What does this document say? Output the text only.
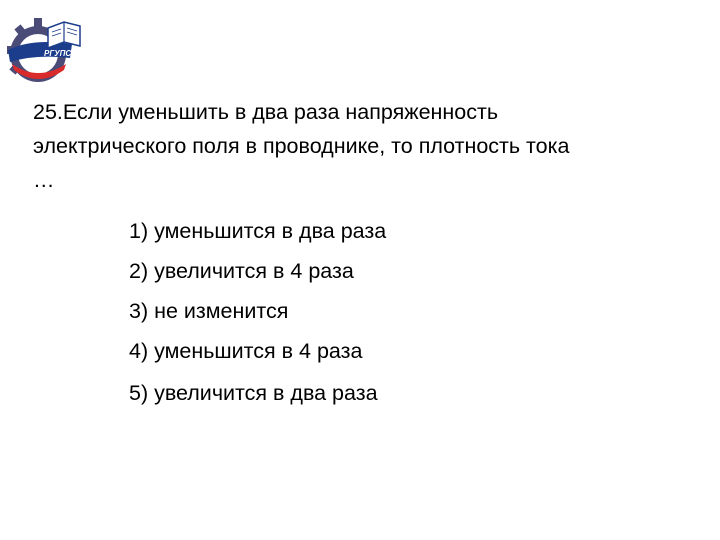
PГУПС

25.Если уменьшить в два раза напряженность
электрического поля в проводнике, то плотность тока
…

1) уменьшится в два раза
2) увеличится в 4 раза
3) не изменится
4) уменьшится в 4 раза
5) увеличится в два раза
